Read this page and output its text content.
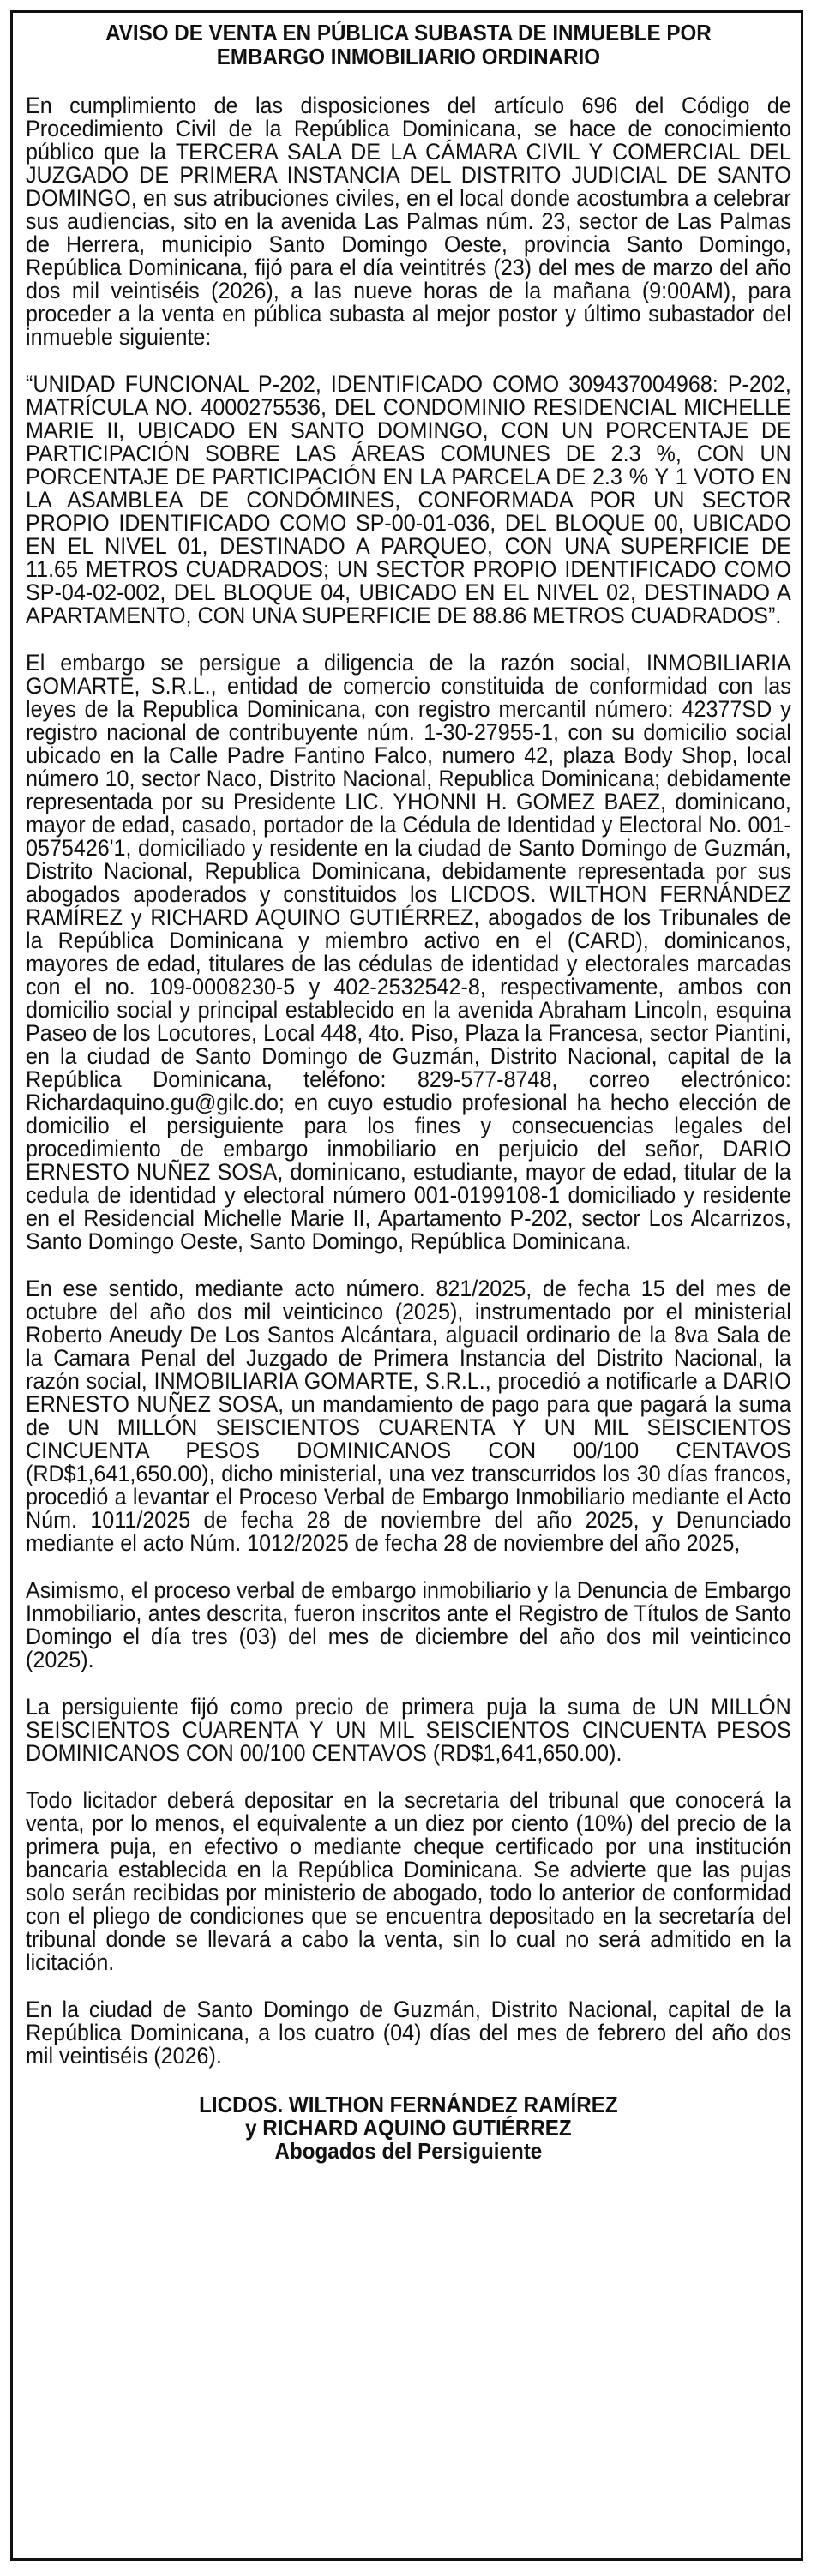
AVISO DE VENTA EN PÚBLICA SUBASTA DE INMUEBLE POR
EMBARGO INMOBILIARIO ORDINARIO

En cumplimiento de las disposiciones del artículo 696 del Código de Procedimiento Civil de la República Dominicana, se hace de conocimiento público que la TERCERA SALA DE LA CÁMARA CIVIL Y COMERCIAL DEL JUZGADO DE PRIMERA INSTANCIA DEL DISTRITO JUDICIAL DE SANTO DOMINGO, en sus atribuciones civiles, en el local donde acostumbra a celebrar sus audiencias, sito en la avenida Las Palmas núm. 23, sector de Las Palmas de Herrera, municipio Santo Domingo Oeste, provincia Santo Domingo, República Dominicana, fijó para el día veintitrés (23) del mes de marzo del año dos mil veintiséis (2026), a las nueve horas de la mañana (9:00AM), para proceder a la venta en pública subasta al mejor postor y último subastador del inmueble siguiente:

“UNIDAD FUNCIONAL P-202, IDENTIFICADO COMO 309437004968: P-202, MATRÍCULA NO. 4000275536, DEL CONDOMINIO RESIDENCIAL MICHELLE MARIE II, UBICADO EN SANTO DOMINGO, CON UN PORCENTAJE DE PARTICIPACIÓN SOBRE LAS ÁREAS COMUNES DE 2.3 %, CON UN PORCENTAJE DE PARTICIPACIÓN EN LA PARCELA DE 2.3 % Y 1 VOTO EN LA ASAMBLEA DE CONDÓMINES, CONFORMADA POR UN SECTOR PROPIO IDENTIFICADO COMO SP-00-01-036, DEL BLOQUE 00, UBICADO EN EL NIVEL 01, DESTINADO A PARQUEO, CON UNA SUPERFICIE DE 11.65 METROS CUADRADOS; UN SECTOR PROPIO IDENTIFICADO COMO SP-04-02-002, DEL BLOQUE 04, UBICADO EN EL NIVEL 02, DESTINADO A APARTAMENTO, CON UNA SUPERFICIE DE 88.86 METROS CUADRADOS”.

El embargo se persigue a diligencia de la razón social, INMOBILIARIA GOMARTE, S.R.L., entidad de comercio constituida de conformidad con las leyes de la Republica Dominicana, con registro mercantil número: 42377SD y registro nacional de contribuyente núm. 1-30-27955-1, con su domicilio social ubicado en la Calle Padre Fantino Falco, numero 42, plaza Body Shop, local número 10, sector Naco, Distrito Nacional, Republica Dominicana; debidamente representada por su Presidente LIC. YHONNI H. GOMEZ BAEZ, dominicano, mayor de edad, casado, portador de la Cédula de Identidad y Electoral No. 001-0575426'1, domiciliado y residente en la ciudad de Santo Domingo de Guzmán, Distrito Nacional, Republica Dominicana, debidamente representada por sus abogados apoderados y constituidos los LICDOS. WILTHON FERNÁNDEZ RAMÍREZ y RICHARD AQUINO GUTIÉRREZ, abogados de los Tribunales de la República Dominicana y miembro activo en el (CARD), dominicanos, mayores de edad, titulares de las cédulas de identidad y electorales marcadas con el no. 109-0008230-5 y 402-2532542-8, respectivamente, ambos con domicilio social y principal establecido en la avenida Abraham Lincoln, esquina Paseo de los Locutores, Local 448, 4to. Piso, Plaza la Francesa, sector Piantini, en la ciudad de Santo Domingo de Guzmán, Distrito Nacional, capital de la República Dominicana, teléfono: 829-577-8748, correo electrónico: Richardaquino.gu@gilc.do; en cuyo estudio profesional ha hecho elección de domicilio el persiguiente para los fines y consecuencias legales del procedimiento de embargo inmobiliario en perjuicio del señor, DARIO ERNESTO NUÑEZ SOSA, dominicano, estudiante, mayor de edad, titular de la cedula de identidad y electoral número 001-0199108-1 domiciliado y residente en el Residencial Michelle Marie II, Apartamento P-202, sector Los Alcarrizos, Santo Domingo Oeste, Santo Domingo, República Dominicana.

En ese sentido, mediante acto número. 821/2025, de fecha 15 del mes de octubre del año dos mil veinticinco (2025), instrumentado por el ministerial Roberto Aneudy De Los Santos Alcántara, alguacil ordinario de la 8va Sala de la Camara Penal del Juzgado de Primera Instancia del Distrito Nacional, la razón social, INMOBILIARIA GOMARTE, S.R.L., procedió a notificarle a DARIO ERNESTO NUÑEZ SOSA, un mandamiento de pago para que pagará la suma de UN MILLÓN SEISCIENTOS CUARENTA Y UN MIL SEISCIENTOS CINCUENTA PESOS DOMINICANOS CON 00/100 CENTAVOS (RD$1,641,650.00), dicho ministerial, una vez transcurridos los 30 días francos, procedió a levantar el Proceso Verbal de Embargo Inmobiliario mediante el Acto Núm. 1011/2025 de fecha 28 de noviembre del año 2025, y Denunciado mediante el acto Núm. 1012/2025 de fecha 28 de noviembre del año 2025,

Asimismo, el proceso verbal de embargo inmobiliario y la Denuncia de Embargo Inmobiliario, antes descrita, fueron inscritos ante el Registro de Títulos de Santo Domingo el día tres (03) del mes de diciembre del año dos mil veinticinco (2025).

La persiguiente fijó como precio de primera puja la suma de UN MILLÓN SEISCIENTOS CUARENTA Y UN MIL SEISCIENTOS CINCUENTA PESOS DOMINICANOS CON 00/100 CENTAVOS (RD$1,641,650.00).

Todo licitador deberá depositar en la secretaria del tribunal que conocerá la venta, por lo menos, el equivalente a un diez por ciento (10%) del precio de la primera puja, en efectivo o mediante cheque certificado por una institución bancaria establecida en la República Dominicana. Se advierte que las pujas solo serán recibidas por ministerio de abogado, todo lo anterior de conformidad con el pliego de condiciones que se encuentra depositado en la secretaría del tribunal donde se llevará a cabo la venta, sin lo cual no será admitido en la licitación.

En la ciudad de Santo Domingo de Guzmán, Distrito Nacional, capital de la República Dominicana, a los cuatro (04) días del mes de febrero del año dos mil veintiséis (2026).

LICDOS. WILTHON FERNÁNDEZ RAMÍREZ
y RICHARD AQUINO GUTIÉRREZ
Abogados del Persiguiente
